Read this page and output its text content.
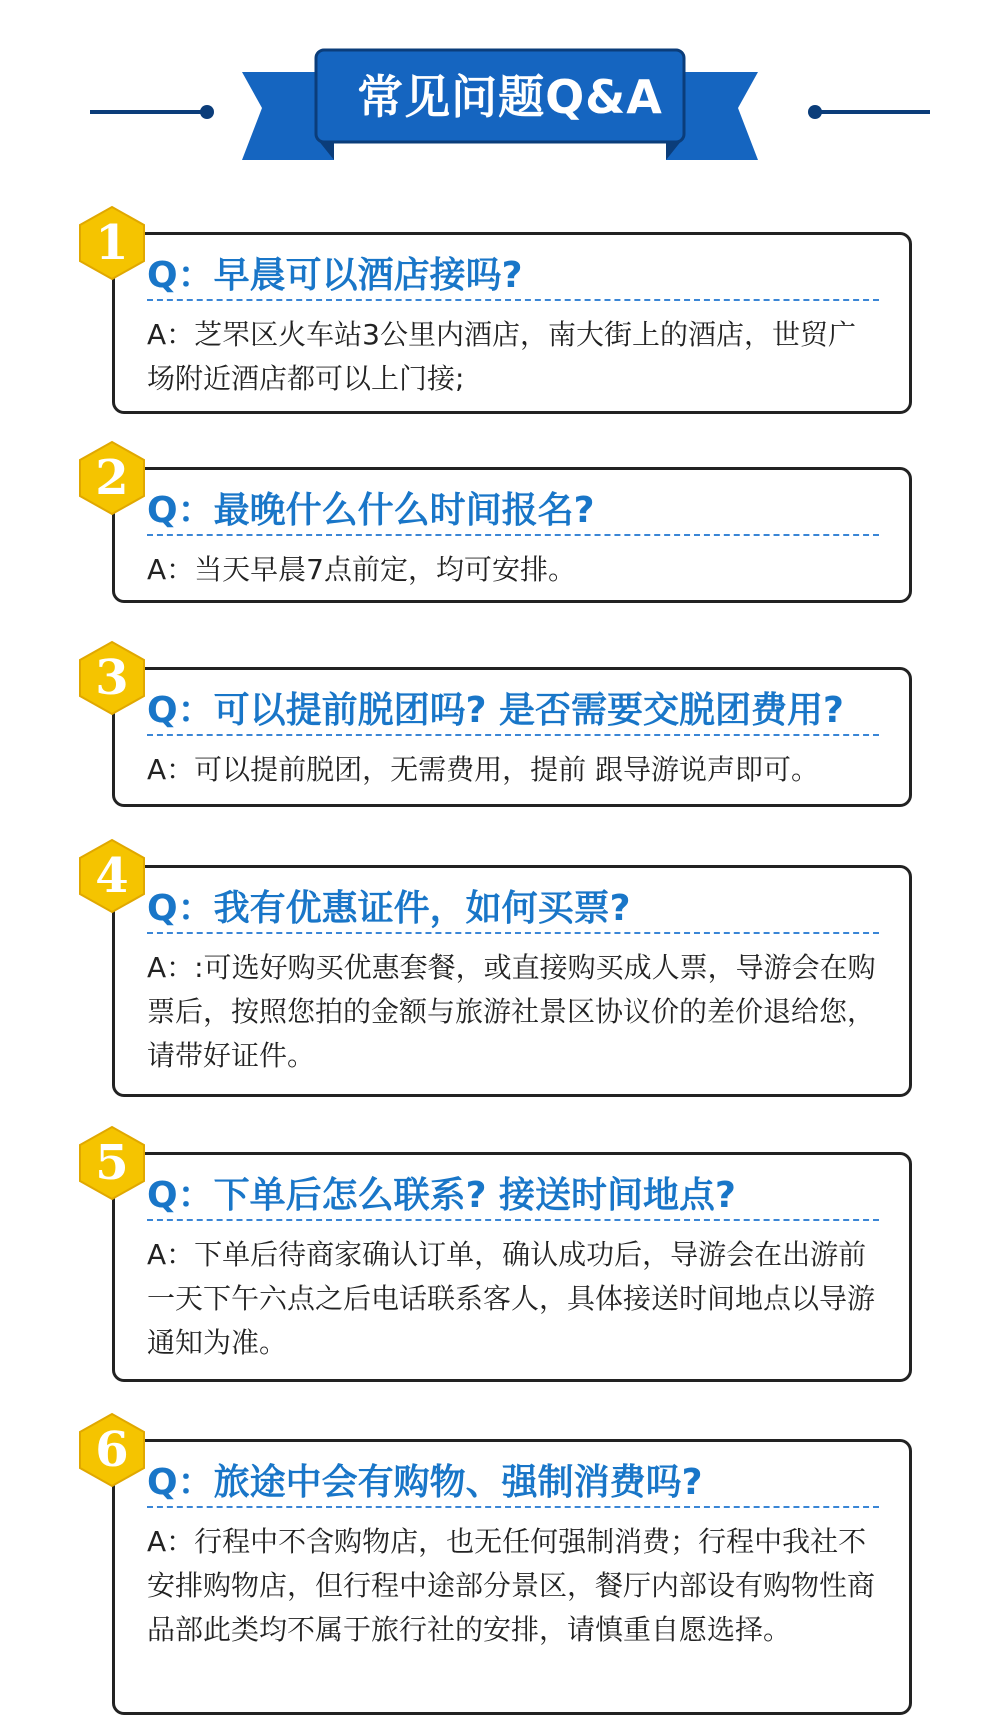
常见问题Q&A
Q：早晨可以酒店接吗?
A：芝罘区火车站3公里内酒店，南大街上的酒店，世贸广场附近酒店都可以上门接;
1
Q：最晚什么什么时间报名?
A：当天早晨7点前定，均可安排。
2
Q：可以提前脱团吗? 是否需要交脱团费用?
A：可以提前脱团，无需费用，提前 跟导游说声即可。
3
Q：我有优惠证件，如何买票?
A：:可选好购买优惠套餐，或直接购买成人票，导游会在购票后，按照您拍的金额与旅游社景区协议价的差价退给您，请带好证件。
4
Q：下单后怎么联系? 接送时间地点?
A：下单后待商家确认订单，确认成功后，导游会在出游前一天下午六点之后电话联系客人，具体接送时间地点以导游通知为准。
5
Q：旅途中会有购物、强制消费吗?
A：行程中不含购物店，也无任何强制消费；行程中我社不安排购物店，但行程中途部分景区，餐厅内部设有购物性商品部此类均不属于旅行社的安排，请慎重自愿选择。
6
